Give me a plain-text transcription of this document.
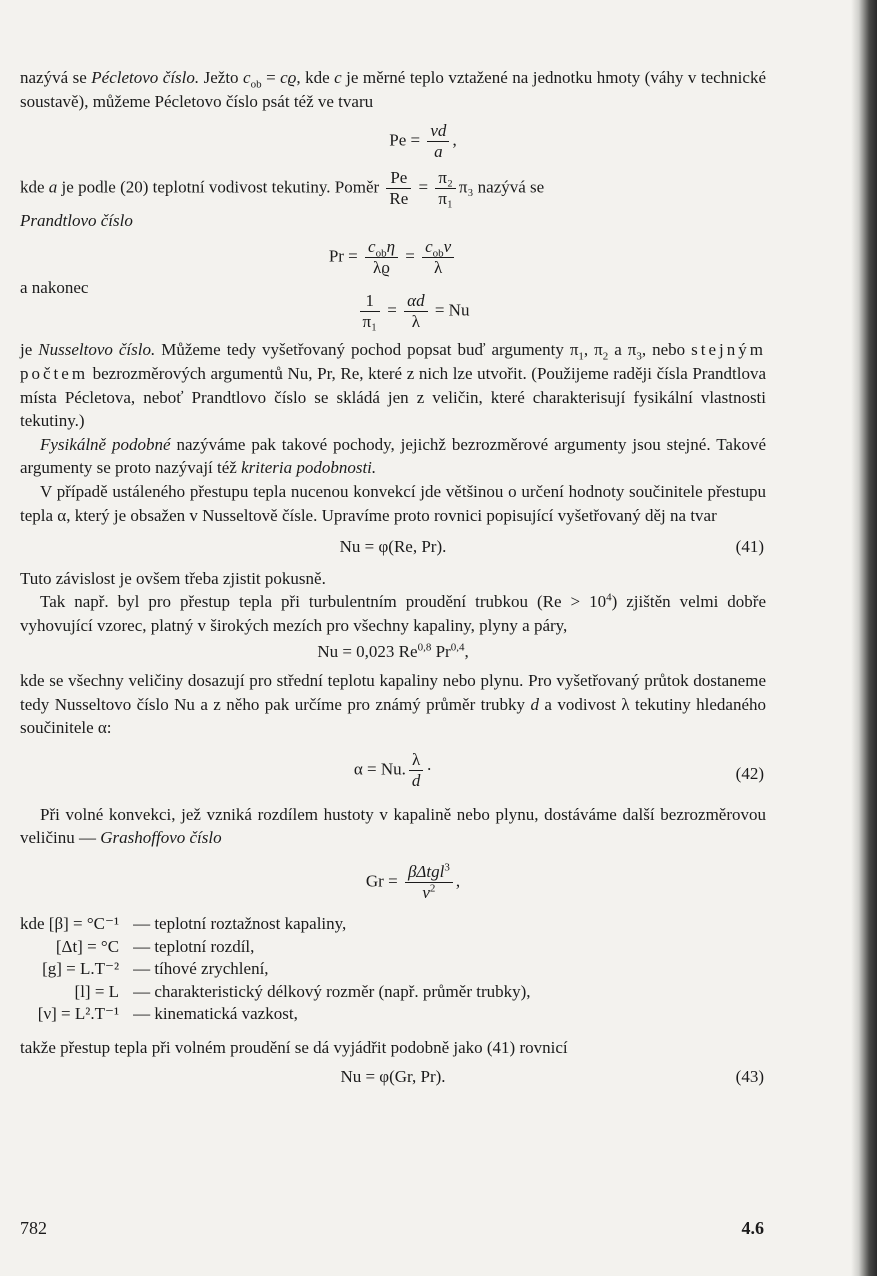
nazývá se Pécletovo číslo. Ježto $c_{ob} = cϱ$, kde c je měrné teplo vztažené na jednotku hmoty (váhy v technické soustavě), můžeme Pécletovo číslo psát též ve tvaru

$Pe = \frac{vd}{a}$ ,

kde a je podle (20) teplotní vodivost tekutiny. Poměr $\frac{Pe}{Re} = \frac{\text{π₂}}{\text{π₁}} \pi_3$ nazývá se

Prandtlovo číslo

$Pr = \frac{c_{ob}\eta}{\lambda ϱ} = \frac{c_{ob}\nu}{\lambda}$

a nakonec

$\frac{1}{\text{π₁}} = \frac{\alpha d}{\lambda} = Nu$

je Nusseltovo číslo. Můžeme tedy vyšetřovaný pochod popsat buď argumenty $\pi_1$, $\pi_2$ a $\pi_3$, nebo stejným počtem bezrozměrových argumentů Nu, Pr, Re, které z nich lze utvořit. (Použijeme raději čísla Prandtlova místa Pécletova, neboť Prandtlovo číslo se skládá jen z veličin, které charakterisují fysikální vlastnosti tekutiny.)

Fysikálně podobné nazýváme pak takové pochody, jejichž bezrozměrové argumenty jsou stejné. Takové argumenty se proto nazývají též kriteria podobnosti.

V případě ustáleného přestupu tepla nucenou konvekcí jde většinou o určení hodnoty součinitele přestupu tepla α, který je obsažen v Nusseltově čísle. Upravíme proto rovnici popisující vyšetřovaný děj na tvar

Nu = φ(Re, Pr).	(41)

Tuto závislost je ovšem třeba zjistit pokusně.

Tak např. byl pro přestup tepla při turbulentním proudění trubkou $(Re > 10^4)$ zjištěn velmi dobře vyhovující vzorec, platný v širokých mezích pro všechny kapaliny, plyny a páry,

Nu = 0,023 Re$^{0,8}$ Pr$^{0,4}$,

kde se všechny veličiny dosazují pro střední teplotu kapaliny nebo plynu. Pro vyšetřovaný průtok dostaneme tedy Nusseltovo číslo Nu a z něho pak určíme pro známý průměr trubky d a vodivost λ tekutiny hledaného součinitele α:

α = Nu. $\frac{\lambda}{d}$ ·	(42)

Při volné konvekci, jež vzniká rozdílem hustoty v kapalině nebo plynu, dostáváme další bezrozměrovou veličinu — Grashoffovo číslo

$Gr = \frac{\beta\Delta tgl^3}{\nu^2}$ ,
kde [β] = °C⁻¹	— teplotní roztažnost kapaliny,
[Δt] = °C	— teplotní rozdíl,
[g] = L.T⁻²	— tíhové zrychlení,
[l] = L	— charakteristický délkový rozměr (např. průměr trubky),
[ν] = L².T⁻¹	— kinematická vazkost,

takže přestup tepla při volném proudění se dá vyjádřit podobně jako (41) rovnicí

Nu = φ(Gr, Pr).	(43)
782	4.6
